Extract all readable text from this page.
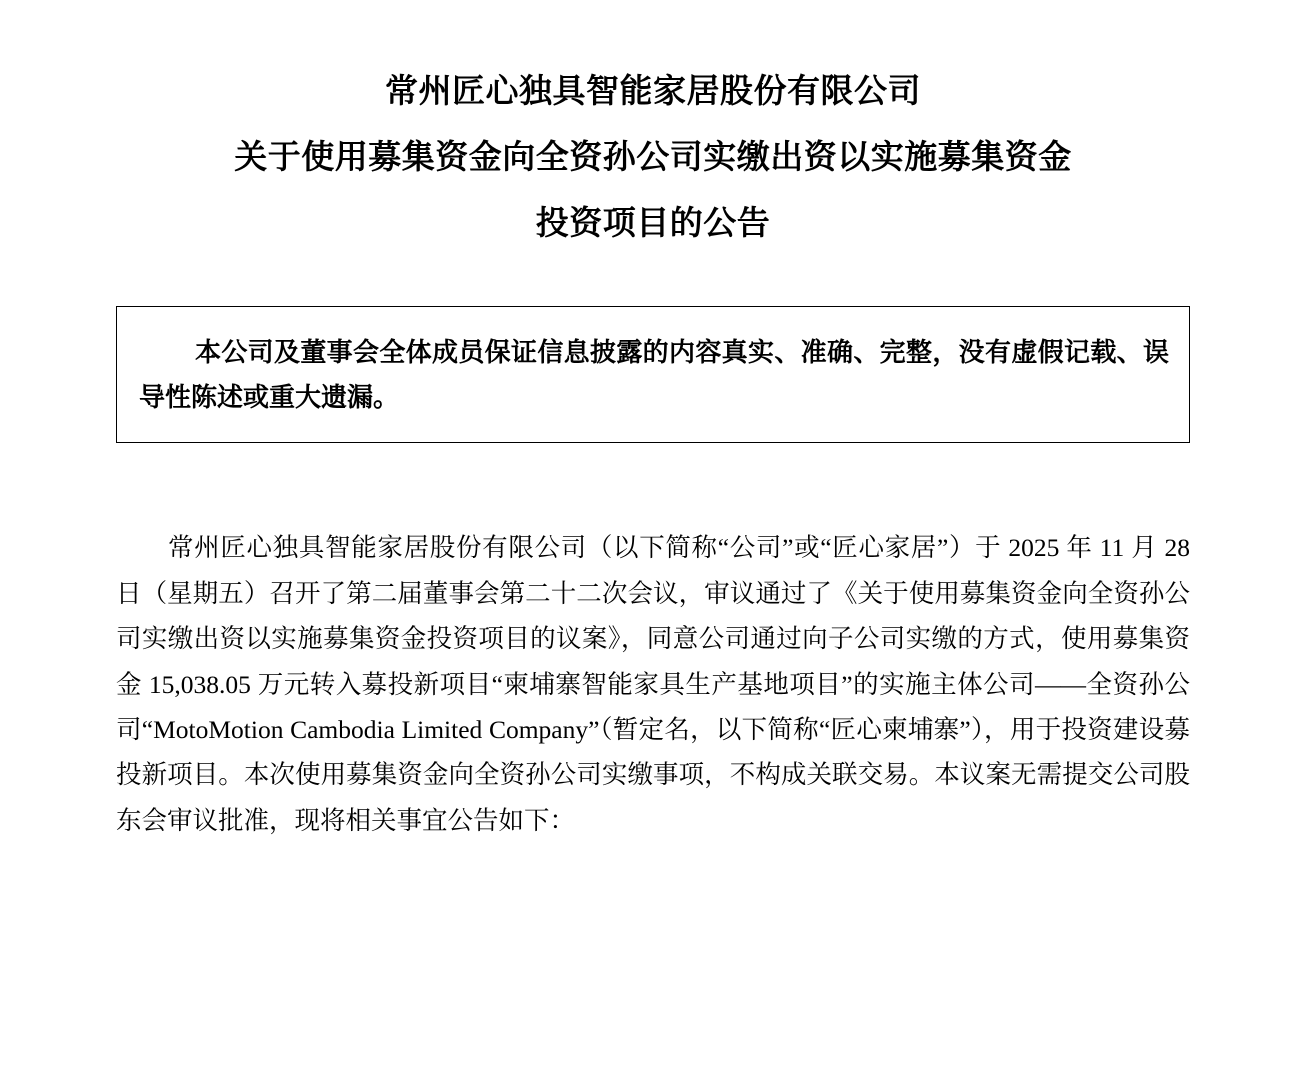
常州匠心独具智能家居股份有限公司
关于使用募集资金向全资孙公司实缴出资以实施募集资金
投资项目的公告

本公司及董事会全体成员保证信息披露的内容真实、准确、完整，没有虚假记载、误导性陈述或重大遗漏。

常州匠心独具智能家居股份有限公司（以下简称“公司”或“匠心家居”）于 2025 年 11 月 28 日（星期五）召开了第二届董事会第二十二次会议，审议通过了《关于使用募集资金向全资孙公司实缴出资以实施募集资金投资项目的议案》，同意公司通过向子公司实缴的方式，使用募集资金 15,038.05 万元转入募投新项目“柬埔寨智能家具生产基地项目”的实施主体公司——全资孙公司“MotoMotion Cambodia Limited Company”（暂定名，以下简称“匠心柬埔寨”），用于投资建设募投新项目。本次使用募集资金向全资孙公司实缴事项，不构成关联交易。本议案无需提交公司股东会审议批准，现将相关事宜公告如下：
